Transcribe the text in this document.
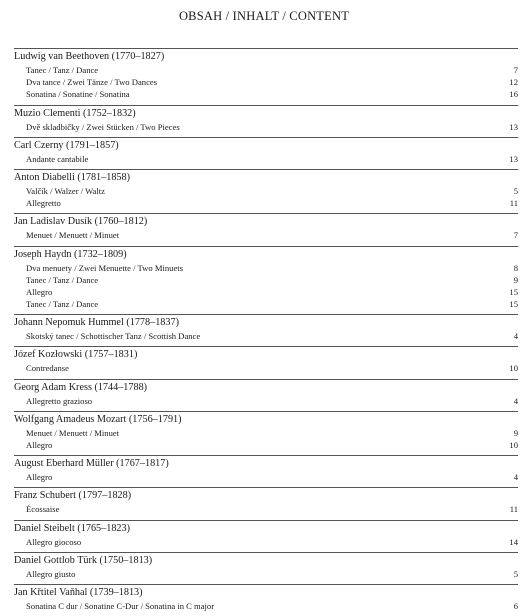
OBSAH / INHALT / CONTENT
Ludwig van Beethoven (1770–1827)
Tanec / Tanz / Dance	7
Dva tance / Zwei Tänze / Two Dances	12
Sonatina / Sonatine / Sonatina	16
Muzio Clementi (1752–1832)
Dvě skladbičky / Zwei Stücken / Two Pieces	13
Carl Czerny (1791–1857)
Andante cantabile	13
Anton Diabelli (1781–1858)
Valčík / Walzer / Waltz	5
Allegretto	11
Jan Ladislav Dusík (1760–1812)
Menuet / Menuett / Minuet	7
Joseph Haydn (1732–1809)
Dva menuety / Zwei Menuette / Two Minuets	8
Tanec / Tanz / Dance	9
Allegro	15
Tanec / Tanz / Dance	15
Johann Nepomuk Hummel (1778–1837)
Skotský tanec / Schottischer Tanz / Scottish Dance	4
Józef Kozłowski (1757–1831)
Contredanse	10
Georg Adam Kress (1744–1788)
Allegretto grazioso	4
Wolfgang Amadeus Mozart (1756–1791)
Menuet / Menuett / Minuet	9
Allegro	10
August Eberhard Müller (1767–1817)
Allegro	4
Franz Schubert (1797–1828)
Écossaise	11
Daniel Steibelt (1765–1823)
Allegro giocoso	14
Daniel Gottlob Türk (1750–1813)
Allegro giusto	5
Jan Křtitel Vaňhal (1739–1813)
Sonatina C dur / Sonatine C-Dur / Sonatina in C major	6
